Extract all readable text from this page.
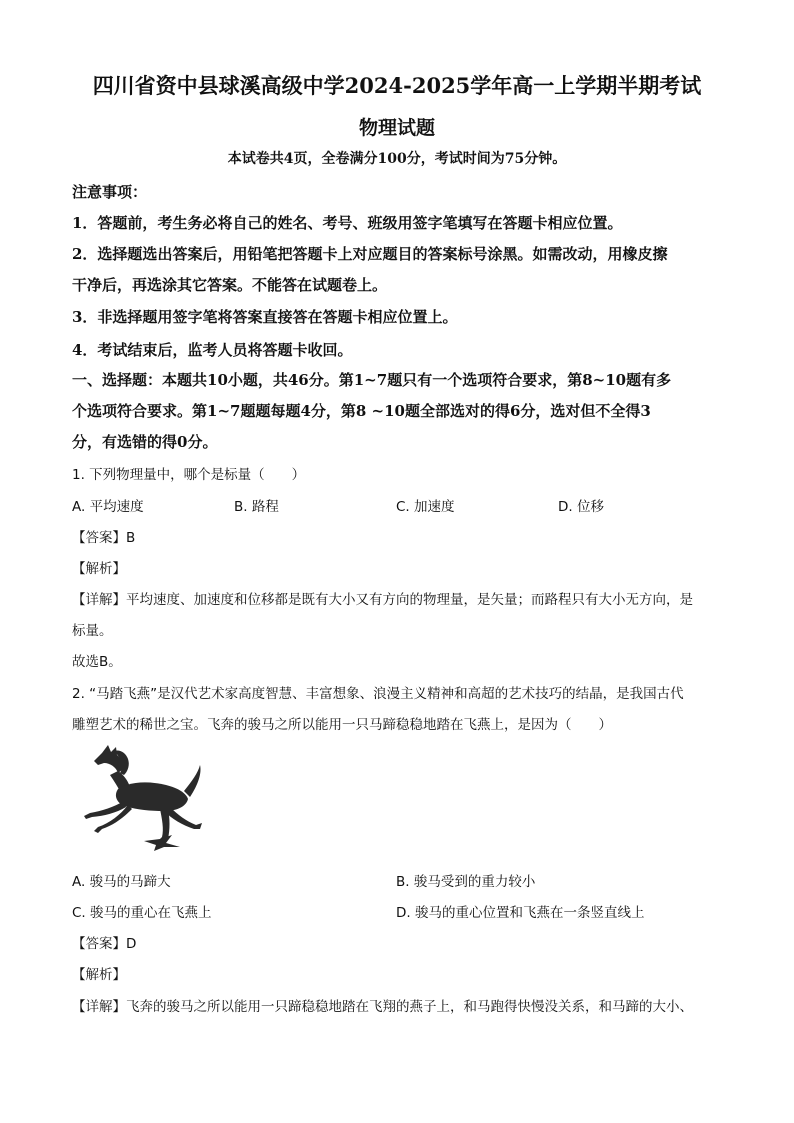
四川省资中县球溪高级中学2024-2025学年高一上学期半期考试
物理试题
本试卷共4页，全卷满分100分，考试时间为75分钟。
注意事项：
1．答题前，考生务必将自己的姓名、考号、班级用签字笔填写在答题卡相应位置。
2．选择题选出答案后，用铅笔把答题卡上对应题目的答案标号涂黑。如需改动，用橡皮擦
干净后，再选涂其它答案。不能答在试题卷上。
3．非选择题用签字笔将答案直接答在答题卡相应位置上。
4．考试结束后，监考人员将答题卡收回。
一、选择题：本题共10小题，共46分。第1~7题只有一个选项符合要求，第8~10题有多
个选项符合要求。第1~7题题每题4分，第8 ~10题全部选对的得6分，选对但不全得3
分，有选错的得0分。
1. 下列物理量中，哪个是标量（　　）
A. 平均速度	B. 路程	C. 加速度	D. 位移
【答案】B
【解析】
【详解】平均速度、加速度和位移都是既有大小又有方向的物理量，是矢量；而路程只有大小无方向，是
标量。
故选B。
2. “马踏飞燕”是汉代艺术家高度智慧、丰富想象、浪漫主义精神和高超的艺术技巧的结晶，是我国古代
雕塑艺术的稀世之宝。飞奔的骏马之所以能用一只马蹄稳稳地踏在飞燕上，是因为（　　）
A. 骏马的马蹄大	B. 骏马受到的重力较小
C. 骏马的重心在飞燕上	D. 骏马的重心位置和飞燕在一条竖直线上
【答案】D
【解析】
【详解】飞奔的骏马之所以能用一只蹄稳稳地踏在飞翔的燕子上，和马跑得快慢没关系，和马蹄的大小、
